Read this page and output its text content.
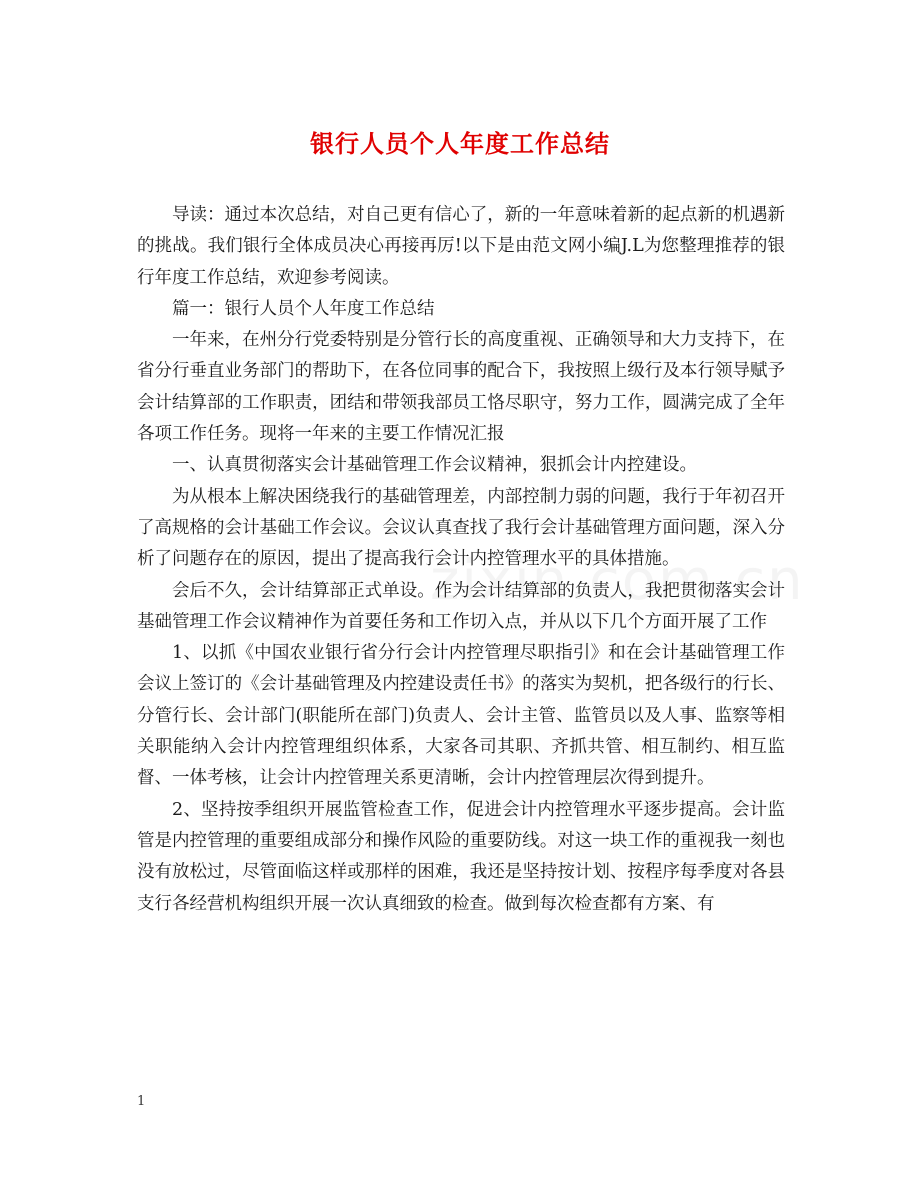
银行人员个人年度工作总结

导读：通过本次总结，对自己更有信心了，新的一年意味着新的起点新的机遇新的挑战。我们银行全体成员决心再接再厉!以下是由范文网小编J.L为您整理推荐的银行年度工作总结，欢迎参考阅读。

篇一：银行人员个人年度工作总结

一年来，在州分行党委特别是分管行长的高度重视、正确领导和大力支持下，在省分行垂直业务部门的帮助下，在各位同事的配合下，我按照上级行及本行领导赋予会计结算部的工作职责，团结和带领我部员工恪尽职守，努力工作，圆满完成了全年各项工作任务。现将一年来的主要工作情况汇报

一、认真贯彻落实会计基础管理工作会议精神，狠抓会计内控建设。

为从根本上解决困绕我行的基础管理差，内部控制力弱的问题，我行于年初召开了高规格的会计基础工作会议。会议认真查找了我行会计基础管理方面问题，深入分析了问题存在的原因，提出了提高我行会计内控管理水平的具体措施。

会后不久，会计结算部正式单设。作为会计结算部的负责人，我把贯彻落实会计基础管理工作会议精神作为首要任务和工作切入点，并从以下几个方面开展了工作

1、以抓《中国农业银行省分行会计内控管理尽职指引》和在会计基础管理工作会议上签订的《会计基础管理及内控建设责任书》的落实为契机，把各级行的行长、分管行长、会计部门(职能所在部门)负责人、会计主管、监管员以及人事、监察等相关职能纳入会计内控管理组织体系，大家各司其职、齐抓共管、相互制约、相互监督、一体考核，让会计内控管理关系更清晰，会计内控管理层次得到提升。

2、坚持按季组织开展监管检查工作，促进会计内控管理水平逐步提高。会计监管是内控管理的重要组成部分和操作风险的重要防线。对这一块工作的重视我一刻也没有放松过，尽管面临这样或那样的困难，我还是坚持按计划、按程序每季度对各县支行各经营机构组织开展一次认真细致的检查。做到每次检查都有方案、有

1
